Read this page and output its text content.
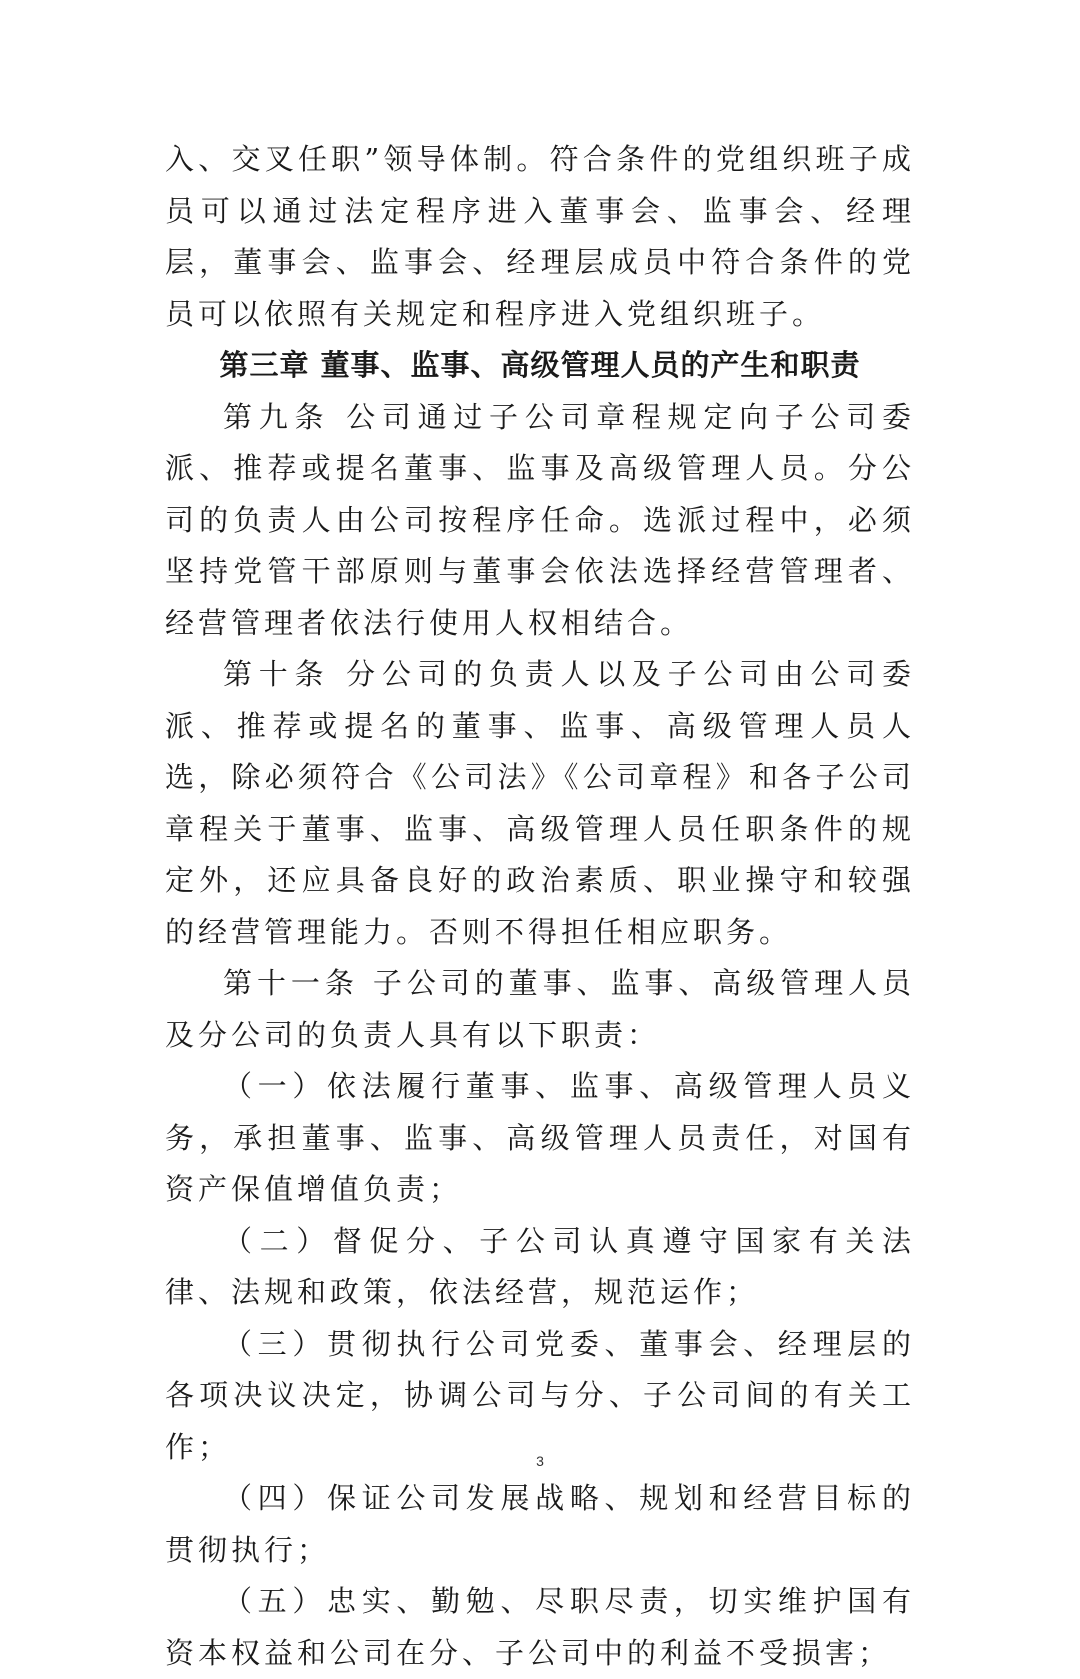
入、交叉任职”领导体制。符合条件的党组织班子成员可以通过法定程序进入董事会、监事会、经理层，董事会、监事会、经理层成员中符合条件的党员可以依照有关规定和程序进入党组织班子。

第三章 董事、监事、高级管理人员的产生和职责

第九条 公司通过子公司章程规定向子公司委派、推荐或提名董事、监事及高级管理人员。分公司的负责人由公司按程序任命。选派过程中，必须坚持党管干部原则与董事会依法选择经营管理者、经营管理者依法行使用人权相结合。

第十条 分公司的负责人以及子公司由公司委派、推荐或提名的董事、监事、高级管理人员人选，除必须符合《公司法》《公司章程》和各子公司章程关于董事、监事、高级管理人员任职条件的规定外，还应具备良好的政治素质、职业操守和较强的经营管理能力。否则不得担任相应职务。

第十一条 子公司的董事、监事、高级管理人员及分公司的负责人具有以下职责：

（一）依法履行董事、监事、高级管理人员义务，承担董事、监事、高级管理人员责任，对国有资产保值增值负责；

（二）督促分、子公司认真遵守国家有关法律、法规和政策，依法经营，规范运作；

（三）贯彻执行公司党委、董事会、经理层的各项决议决定，协调公司与分、子公司间的有关工作；

（四）保证公司发展战略、规划和经营目标的贯彻执行；

（五）忠实、勤勉、尽职尽责，切实维护国有资本权益和公司在分、子公司中的利益不受损害；

3
